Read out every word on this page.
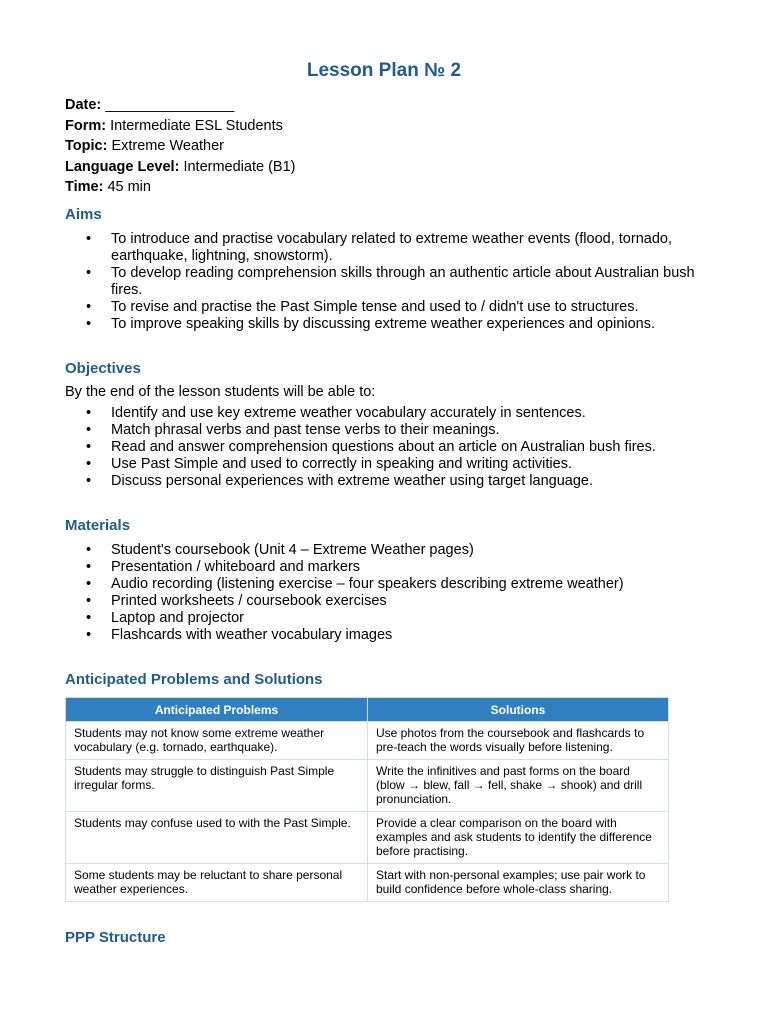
Lesson Plan № 2
Date: ________________
Form: Intermediate ESL Students
Topic: Extreme Weather
Language Level: Intermediate (B1)
Time: 45 min
Aims
• To introduce and practise vocabulary related to extreme weather events (flood, tornado, earthquake, lightning, snowstorm).
• To develop reading comprehension skills through an authentic article about Australian bush fires.
• To revise and practise the Past Simple tense and used to / didn't use to structures.
• To improve speaking skills by discussing extreme weather experiences and opinions.
Objectives
By the end of the lesson students will be able to:
• Identify and use key extreme weather vocabulary accurately in sentences.
• Match phrasal verbs and past tense verbs to their meanings.
• Read and answer comprehension questions about an article on Australian bush fires.
• Use Past Simple and used to correctly in speaking and writing activities.
• Discuss personal experiences with extreme weather using target language.
Materials
• Student's coursebook (Unit 4 – Extreme Weather pages)
• Presentation / whiteboard and markers
• Audio recording (listening exercise – four speakers describing extreme weather)
• Printed worksheets / coursebook exercises
• Laptop and projector
• Flashcards with weather vocabulary images
Anticipated Problems and Solutions
Anticipated Problems	Solutions
Students may not know some extreme weather vocabulary (e.g. tornado, earthquake).	Use photos from the coursebook and flashcards to pre-teach the words visually before listening.
Students may struggle to distinguish Past Simple irregular forms.	Write the infinitives and past forms on the board (blow → blew, fall → fell, shake → shook) and drill pronunciation.
Students may confuse used to with the Past Simple.	Provide a clear comparison on the board with examples and ask students to identify the difference before practising.
Some students may be reluctant to share personal weather experiences.	Start with non-personal examples; use pair work to build confidence before whole-class sharing.
PPP Structure
